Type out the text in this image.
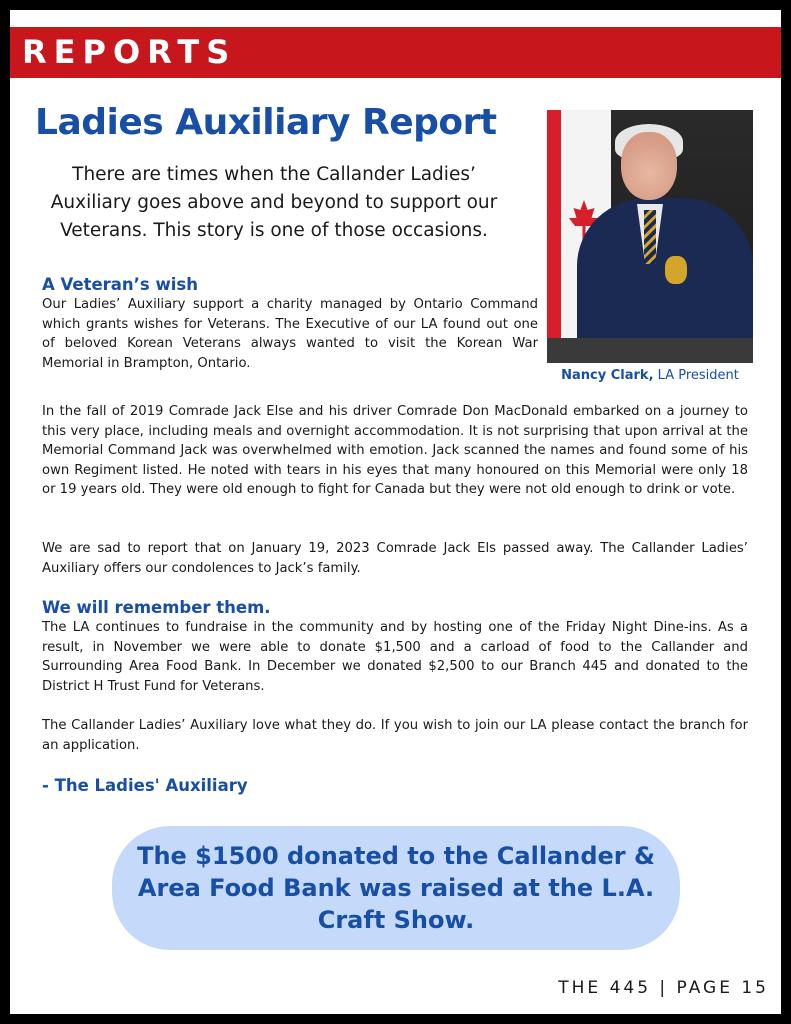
REPORTS
Ladies Auxiliary Report

There are times when the Callander Ladies’ Auxiliary goes above and beyond to support our Veterans. This story is one of those occasions.

Nancy Clark, LA President
A Veteran’s wish

Our Ladies’ Auxiliary support a charity managed by Ontario Command which grants wishes for Veterans. The Executive of our LA found out one of beloved Korean Veterans always wanted to visit the Korean War Memorial in Brampton, Ontario.

In the fall of 2019 Comrade Jack Else and his driver Comrade Don MacDonald embarked on a journey to this very place, including meals and overnight accommodation. It is not surprising that upon arrival at the Memorial Command Jack was overwhelmed with emotion. Jack scanned the names and found some of his own Regiment listed. He noted with tears in his eyes that many honoured on this Memorial were only 18 or 19 years old. They were old enough to fight for Canada but they were not old enough to drink or vote.

We are sad to report that on January 19, 2023 Comrade Jack Els passed away. The Callander Ladies’ Auxiliary offers our condolences to Jack’s family.

We will remember them.

The LA continues to fundraise in the community and by hosting one of the Friday Night Dine-ins. As a result, in November we were able to donate $1,500 and a carload of food to the Callander and Surrounding Area Food Bank. In December we donated $2,500 to our Branch 445 and donated to the District H Trust Fund for Veterans.

The Callander Ladies’ Auxiliary love what they do. If you wish to join our LA please contact the branch for an application.

- The Ladies' Auxiliary

The $1500 donated to the Callander & Area Food Bank was raised at the L.A. Craft Show.

THE 445 | PAGE 15
